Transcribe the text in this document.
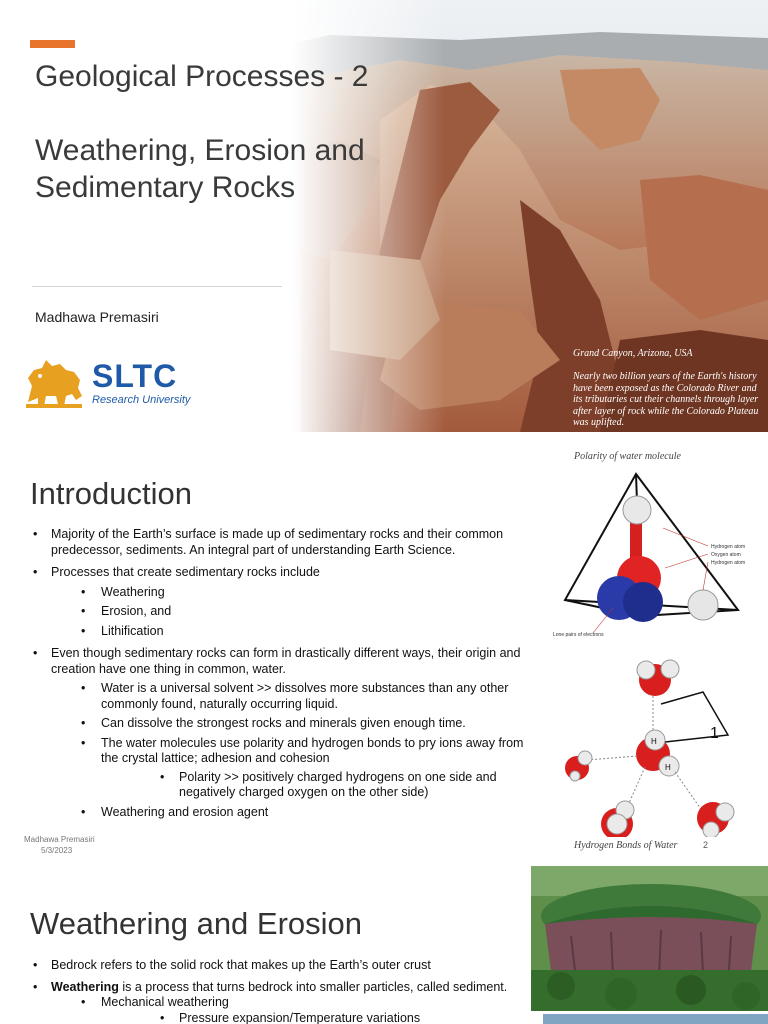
Geological Processes - 2
Weathering, Erosion and Sedimentary Rocks
Madhawa Premasiri
SLTC
Research University
Grand Canyon, Arizona, USA
Nearly two billion years of the Earth's history have been exposed as the Colorado River and its tributaries cut their channels through layer after layer of rock while the Colorado Plateau was uplifted.
Introduction
• Majority of the Earth’s surface is made up of sedimentary rocks and their common predecessor, sediments. An integral part of understanding Earth Science.
• Processes that create sedimentary rocks include
• Weathering
• Erosion, and
• Lithification
• Even though sedimentary rocks can form in drastically different ways, their origin and creation have one thing in common, water.
• Water is a universal solvent >> dissolves more substances than any other commonly found, naturally occurring liquid.
• Can dissolve the strongest rocks and minerals given enough time.
• The water molecules use polarity and hydrogen bonds to pry ions away from the crystal lattice; adhesion and cohesion
• Polarity >> positively charged hydrogens on one side and negatively charged oxygen on the other side)
• Weathering and erosion agent
Polarity of water molecule
Hydrogen atom
Oxygen atom
Hydrogen atom
Lone pairs of electrons
1
H
H
Hydrogen Bonds of Water
Madhawa Premasiri
5/3/2023
2
Weathering and Erosion
• Bedrock refers to the solid rock that makes up the Earth’s outer crust
• Weathering is a process that turns bedrock into smaller particles, called sediment.
• Mechanical weathering
• Pressure expansion/Temperature variations
